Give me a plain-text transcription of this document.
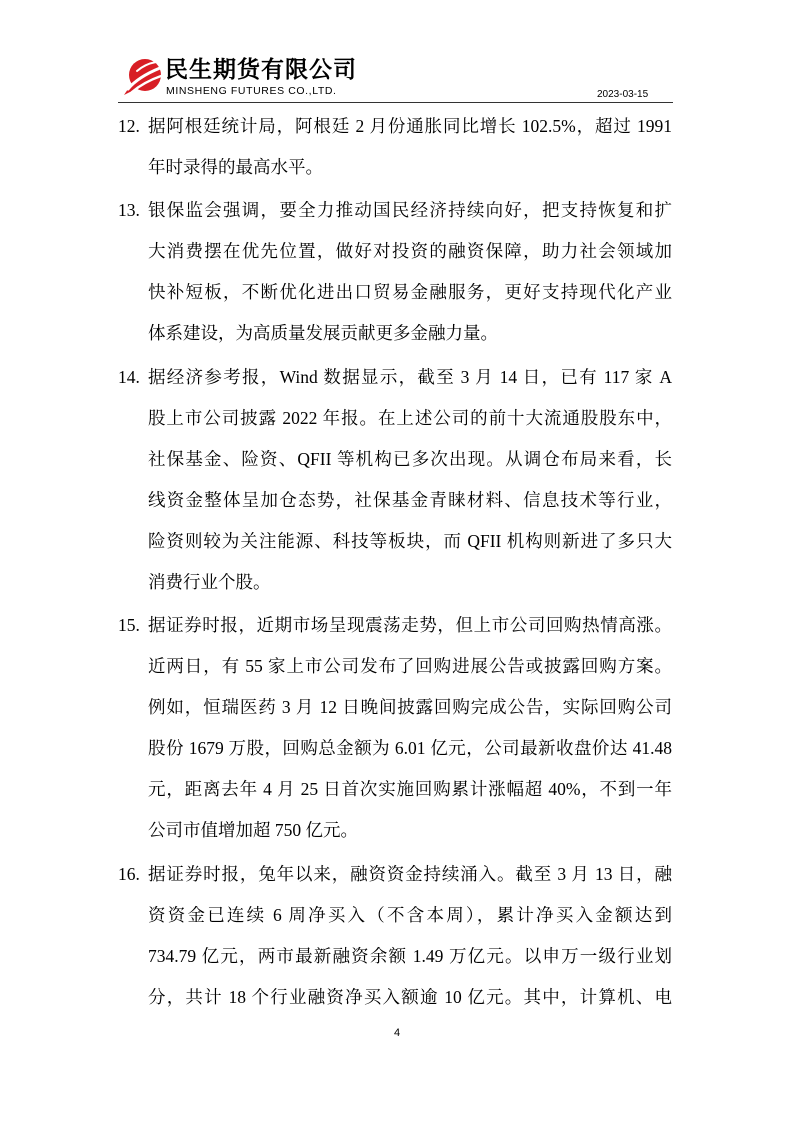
民生期货有限公司
MINSHENG FUTURES CO.,LTD.	2023-03-15
12. 据阿根廷统计局，阿根廷 2 月份通胀同比增长 102.5%，超过 1991
年时录得的最高水平。
13. 银保监会强调，要全力推动国民经济持续向好，把支持恢复和扩
大消费摆在优先位置，做好对投资的融资保障，助力社会领域加
快补短板，不断优化进出口贸易金融服务，更好支持现代化产业
体系建设，为高质量发展贡献更多金融力量。
14. 据经济参考报，Wind 数据显示，截至 3 月 14 日，已有 117 家 A
股上市公司披露 2022 年报。在上述公司的前十大流通股股东中，
社保基金、险资、QFII 等机构已多次出现。从调仓布局来看，长
线资金整体呈加仓态势，社保基金青睐材料、信息技术等行业，
险资则较为关注能源、科技等板块，而 QFII 机构则新进了多只大
消费行业个股。
15. 据证券时报，近期市场呈现震荡走势，但上市公司回购热情高涨。
近两日，有 55 家上市公司发布了回购进展公告或披露回购方案。
例如，恒瑞医药 3 月 12 日晚间披露回购完成公告，实际回购公司
股份 1679 万股，回购总金额为 6.01 亿元，公司最新收盘价达 41.48
元，距离去年 4 月 25 日首次实施回购累计涨幅超 40%，不到一年
公司市值增加超 750 亿元。
16. 据证券时报，兔年以来，融资资金持续涌入。截至 3 月 13 日，融
资资金已连续 6 周净买入（不含本周），累计净买入金额达到
734.79 亿元，两市最新融资余额 1.49 万亿元。以申万一级行业划
分，共计 18 个行业融资净买入额逾 10 亿元。其中，计算机、电
4
